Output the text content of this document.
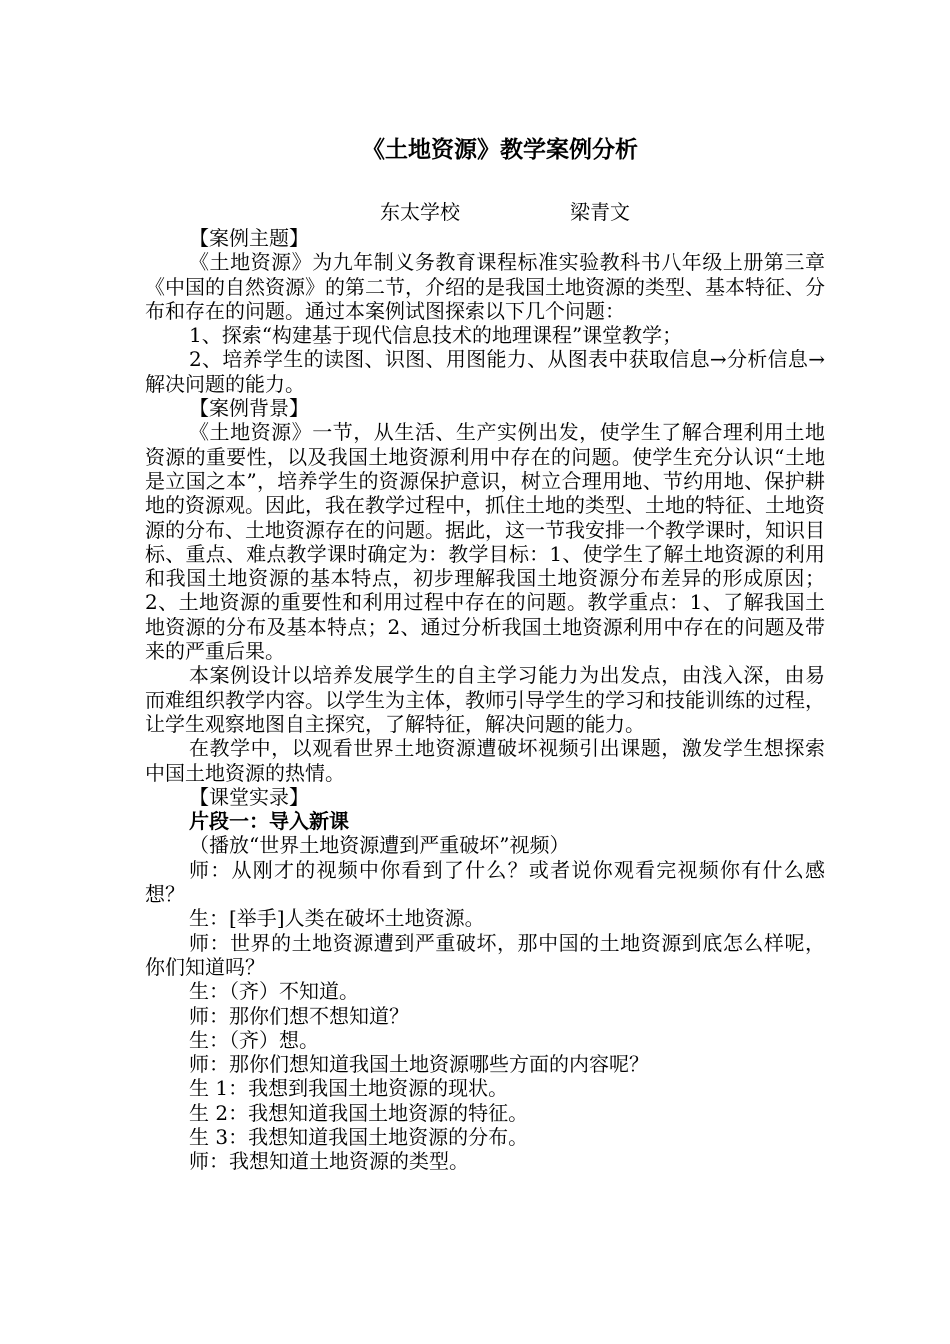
《土地资源》教学案例分析
东太学校	梁青文

【案例主题】

《土地资源》为九年制义务教育课程标准实验教科书八年级上册第三章《中国的自然资源》的第二节，介绍的是我国土地资源的类型、基本特征、分布和存在的问题。通过本案例试图探索以下几个问题：

1、探索“构建基于现代信息技术的地理课程”课堂教学；

2、培养学生的读图、识图、用图能力、从图表中获取信息→分析信息→解决问题的能力。

【案例背景】

《土地资源》一节，从生活、生产实例出发，使学生了解合理利用土地资源的重要性，以及我国土地资源利用中存在的问题。使学生充分认识“土地是立国之本”，培养学生的资源保护意识，树立合理用地、节约用地、保护耕地的资源观。因此，我在教学过程中，抓住土地的类型、土地的特征、土地资源的分布、土地资源存在的问题。据此，这一节我安排一个教学课时，知识目标、重点、难点教学课时确定为：教学目标：1、使学生了解土地资源的利用和我国土地资源的基本特点，初步理解我国土地资源分布差异的形成原因；2、土地资源的重要性和利用过程中存在的问题。教学重点：1、了解我国土地资源的分布及基本特点；2、通过分析我国土地资源利用中存在的问题及带来的严重后果。

本案例设计以培养发展学生的自主学习能力为出发点，由浅入深，由易而难组织教学内容。以学生为主体，教师引导学生的学习和技能训练的过程，让学生观察地图自主探究，了解特征，解决问题的能力。

在教学中，以观看世界土地资源遭破坏视频引出课题，激发学生想探索中国土地资源的热情。

【课堂实录】

片段一：导入新课

（播放“世界土地资源遭到严重破坏”视频）

师：从刚才的视频中你看到了什么？或者说你观看完视频你有什么感想？

生：[举手]人类在破坏土地资源。

师：世界的土地资源遭到严重破坏，那中国的土地资源到底怎么样呢，你们知道吗？

生：（齐）不知道。

师：那你们想不想知道？

生：（齐）想。

师：那你们想知道我国土地资源哪些方面的内容呢？

生 1：我想到我国土地资源的现状。

生 2：我想知道我国土地资源的特征。

生 3：我想知道我国土地资源的分布。

师：我想知道土地资源的类型。
